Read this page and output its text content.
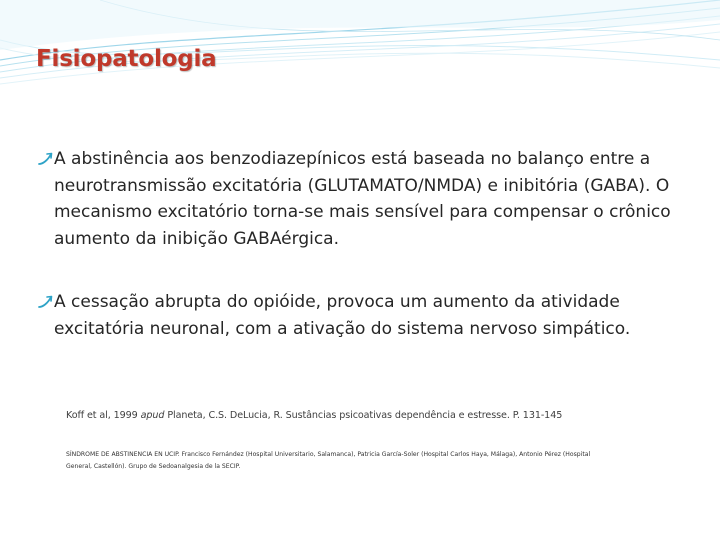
Fisiopatologia
A abstinência aos benzodiazepínicos está baseada no balanço entre a neurotransmissão excitatória (GLUTAMATO/NMDA) e inibitória (GABA). O mecanismo excitatório torna-se mais sensível para compensar o crônico aumento da inibição GABAérgica.
A cessação abrupta do opióide, provoca um aumento da atividade excitatória neuronal, com a ativação do sistema nervoso simpático.
Koff et al, 1999 apud Planeta, C.S. DeLucia, R. Sustâncias psicoativas dependência e estresse. P. 131-145
SÍNDROME DE ABSTINENCIA EN UCIP. Francisco Fernández (Hospital Universitario, Salamanca), Patricia García-Soler (Hospital Carlos Haya, Málaga), Antonio Pérez (Hospital General, Castellón). Grupo de Sedoanalgesia de la SECIP.
